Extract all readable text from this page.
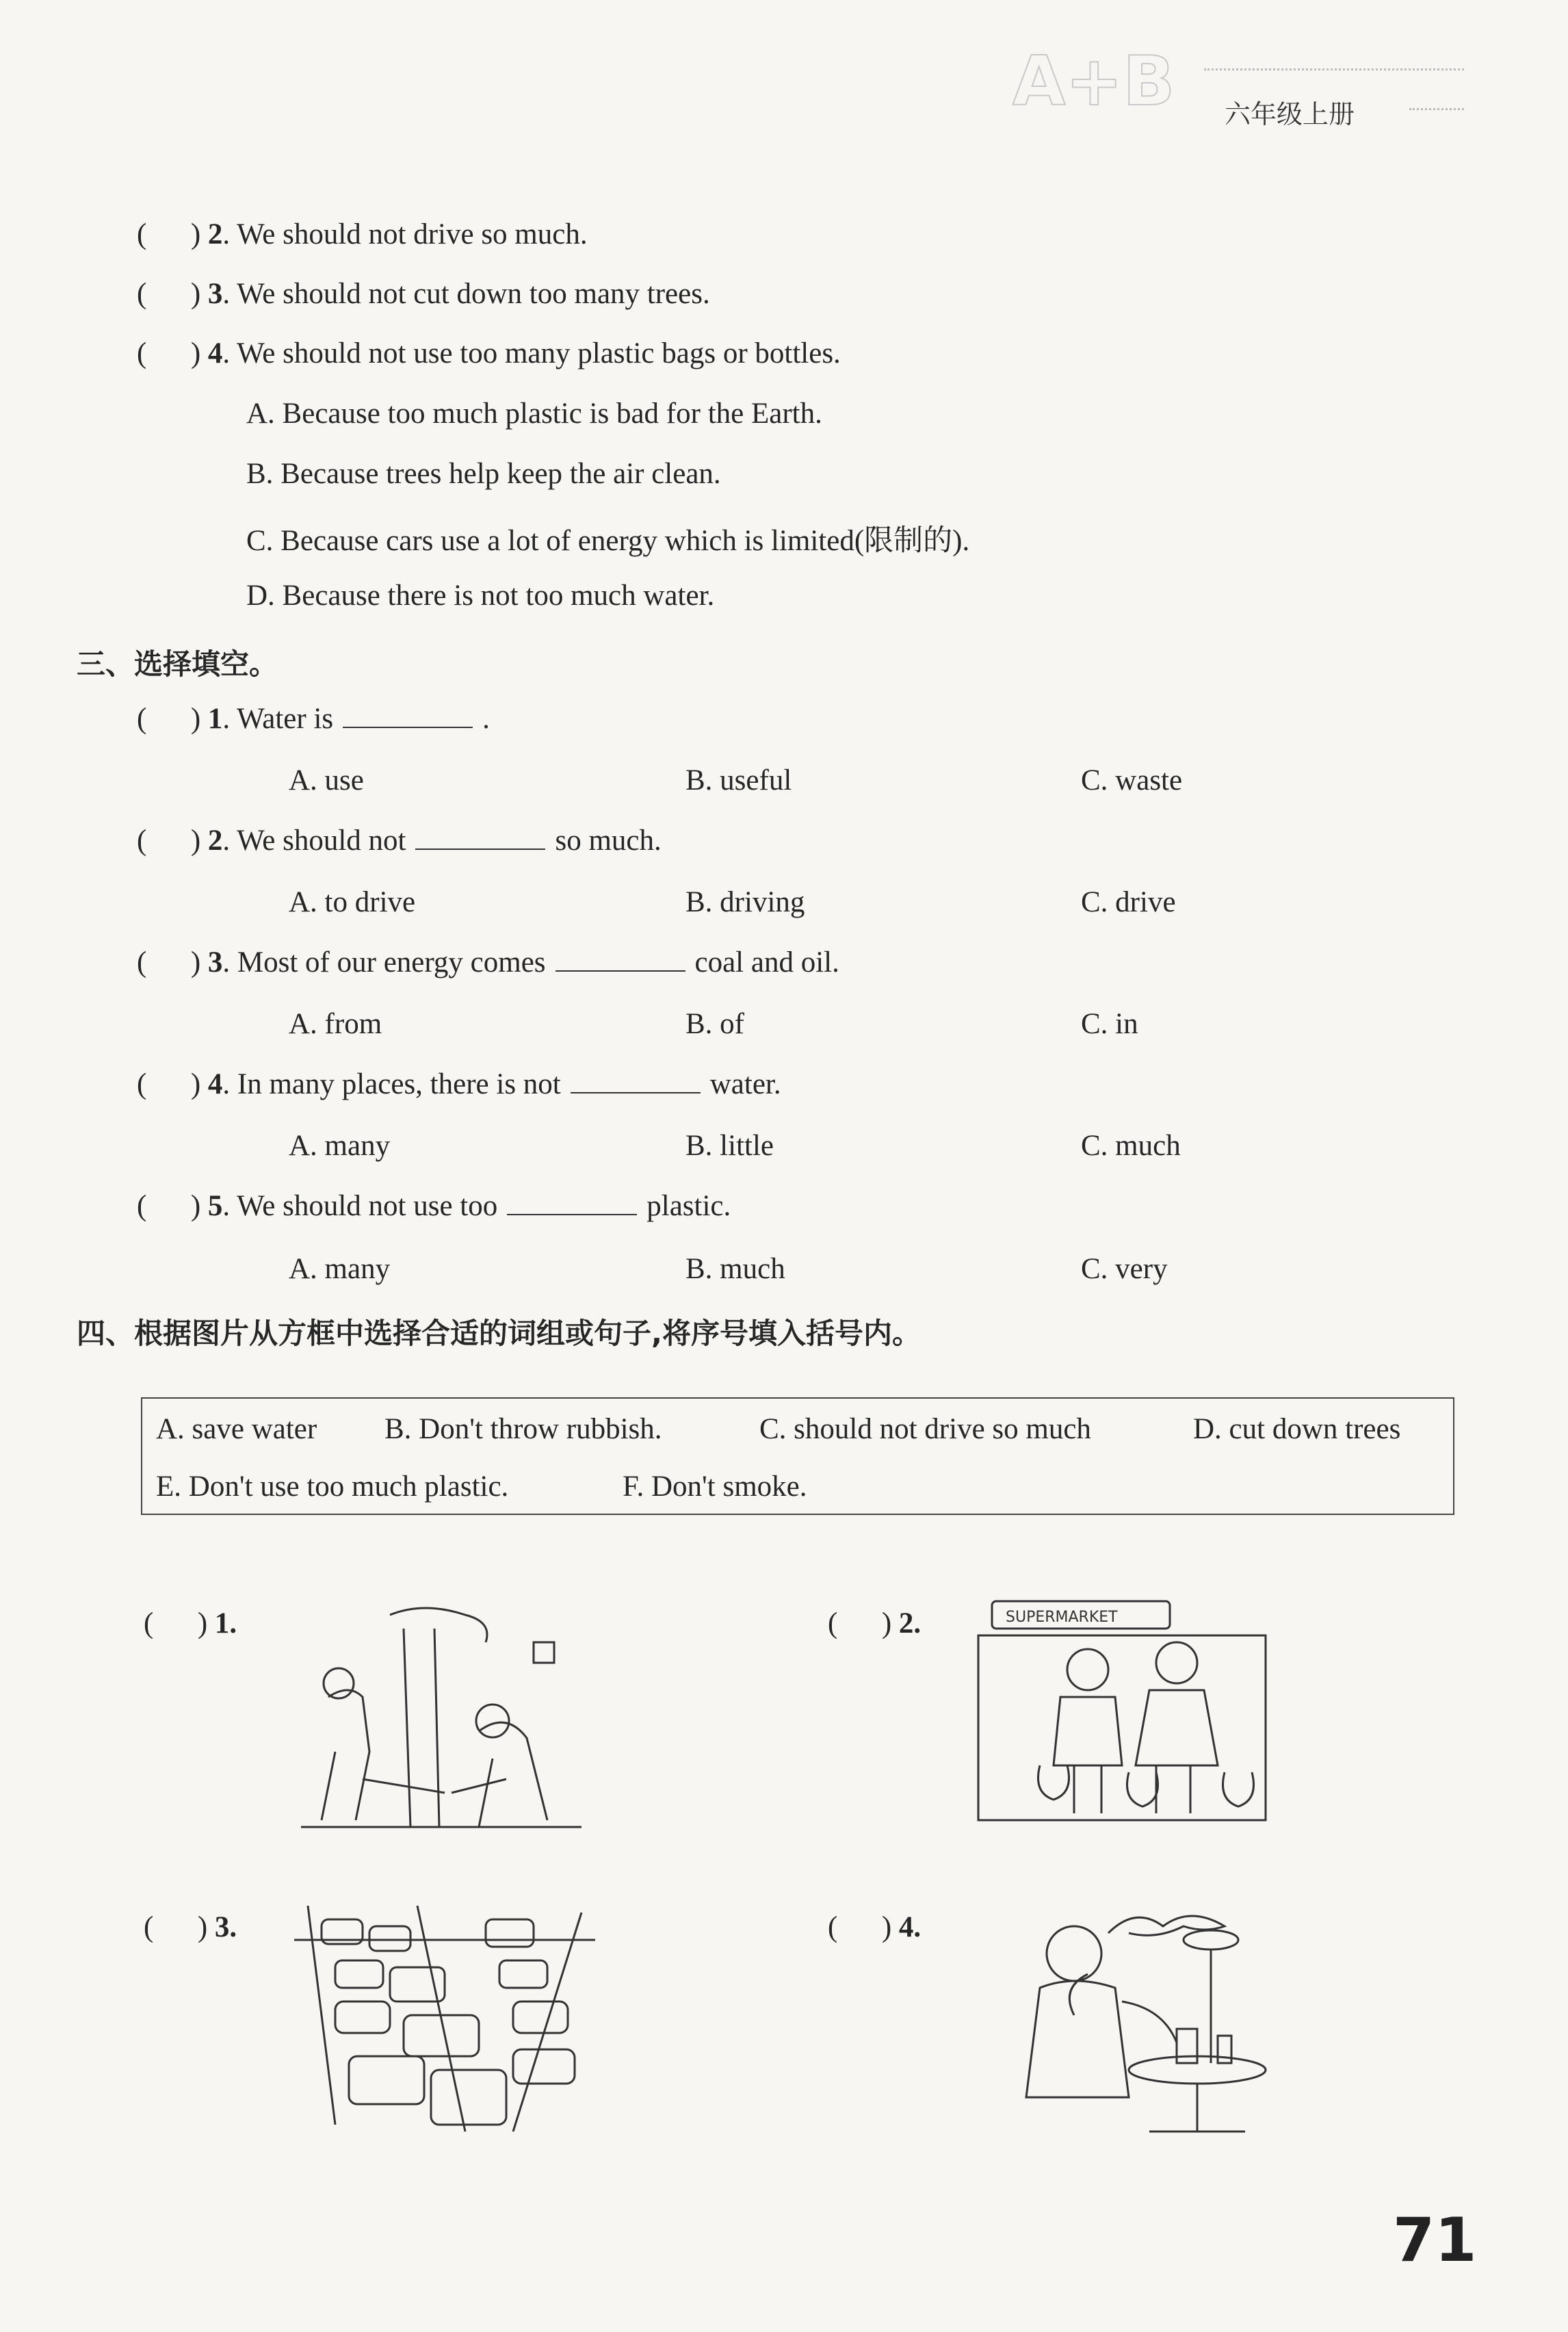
A+B 六年级上册
(      ) 2. We should not drive so much.
(      ) 3. We should not cut down too many trees.
(      ) 4. We should not use too many plastic bags or bottles.
A. Because too much plastic is bad for the Earth.
B. Because trees help keep the air clean.
C. Because cars use a lot of energy which is limited(限制的).
D. Because there is not too much water.
三、选择填空。
(      ) 1. Water is	.
A. use	B. useful	C. waste
(      ) 2. We should not	so much.
A. to drive	B. driving	C. drive
(      ) 3. Most of our energy comes	coal and oil.
A. from	B. of	C. in
(      ) 4. In many places, there is not	water.
A. many	B. little	C. much
(      ) 5. We should not use too	plastic.
A. many	B. much	C. very
四、根据图片从方框中选择合适的词组或句子,将序号填入括号内。
A. save water B. Don't throw rubbish.	C. should not drive so much	D. cut down trees
E. Don't use too much plastic.	F. Don't smoke.
(      ) 1.	(      ) 2.
(      ) 3.	(      ) 4.
SUPERMARKET
71
